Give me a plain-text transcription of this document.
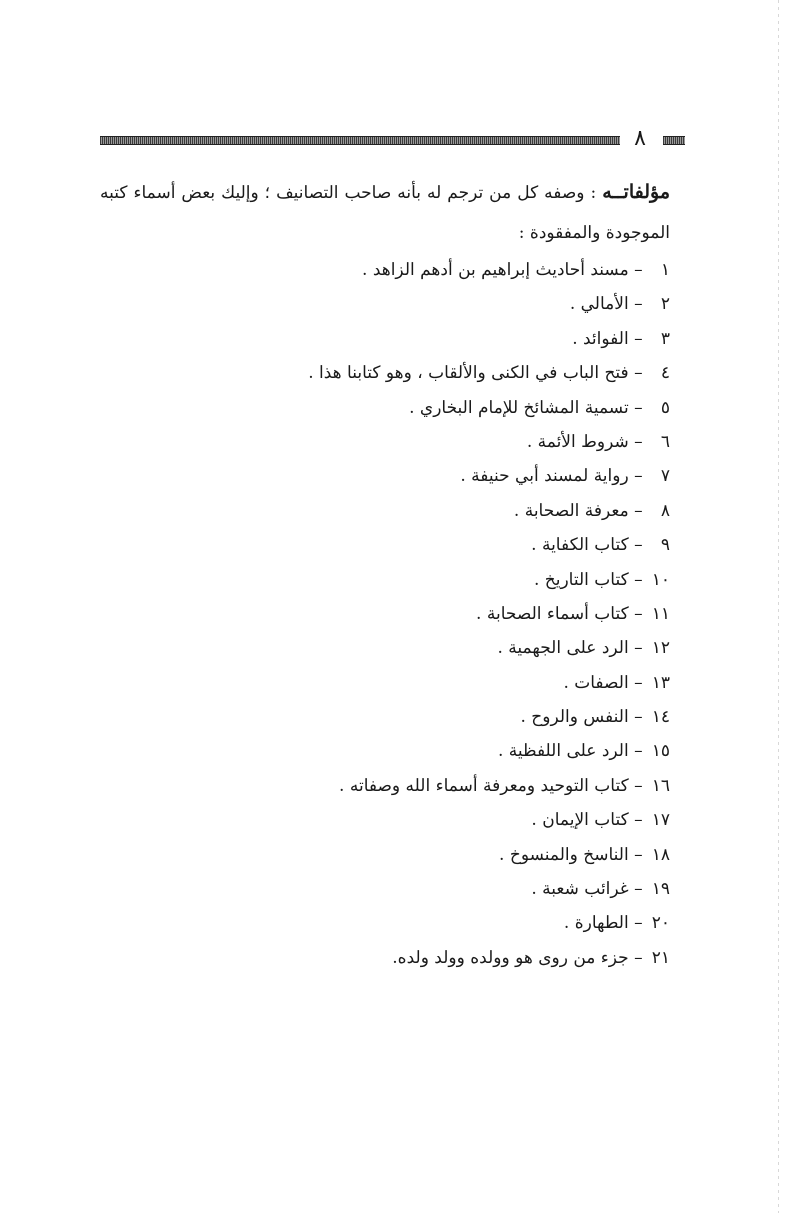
٨
مؤلفاتــه : وصفه كل من ترجم له بأنه صاحب التصانيف ؛ وإليك بعض أسماء كتبه الموجودة والمفقودة :
١ – مسند أحاديث إبراهيم بن أدهم الزاهد .
٢ – الأمالي .
٣ – الفوائد .
٤ – فتح الباب في الكنى والألقاب ، وهو كتابنا هذا .
٥ – تسمية المشائخ للإمام البخاري .
٦ – شروط الأئمة .
٧ – رواية لمسند أبي حنيفة .
٨ – معرفة الصحابة .
٩ – كتاب الكفاية .
١٠ – كتاب التاريخ .
١١ – كتاب أسماء الصحابة .
١٢ – الرد على الجهمية .
١٣ – الصفات .
١٤ – النفس والروح .
١٥ – الرد على اللفظية .
١٦ – كتاب التوحيد ومعرفة أسماء الله وصفاته .
١٧ – كتاب الإيمان .
١٨ – الناسخ والمنسوخ .
١٩ – غرائب شعبة .
٢٠ – الطهارة .
٢١ – جزء من روى هو وولده وولد ولده.
